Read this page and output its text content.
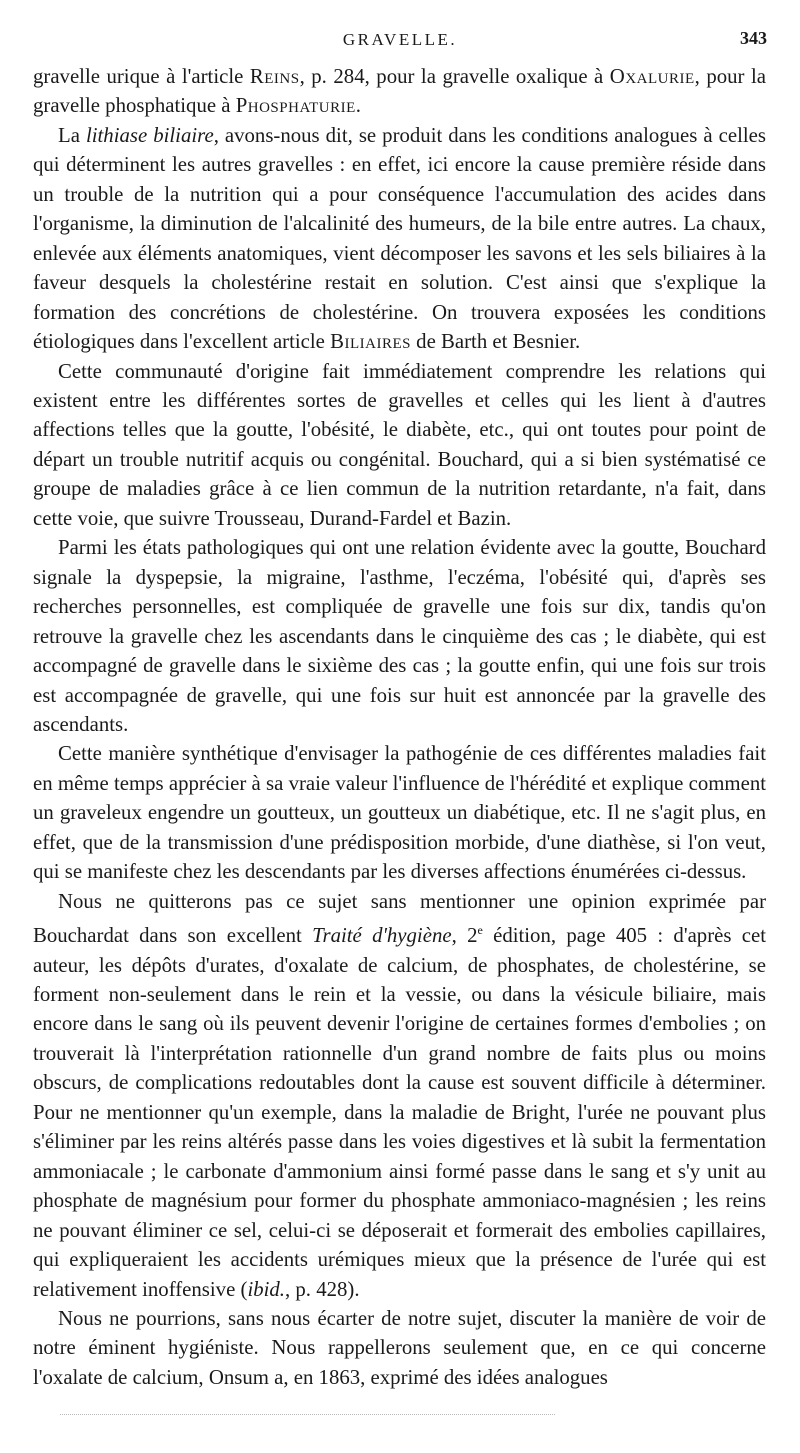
GRAVELLE.	343

gravelle urique à l'article Reins, p. 284, pour la gravelle oxalique à Oxalurie, pour la gravelle phosphatique à Phosphaturie.

La lithiase biliaire, avons-nous dit, se produit dans les conditions analogues à celles qui déterminent les autres gravelles : en effet, ici encore la cause première réside dans un trouble de la nutrition qui a pour conséquence l'accumulation des acides dans l'organisme, la diminution de l'alcalinité des humeurs, de la bile entre autres. La chaux, enlevée aux éléments anatomiques, vient décomposer les savons et les sels biliaires à la faveur desquels la cholestérine restait en solution. C'est ainsi que s'explique la formation des concrétions de cholestérine. On trouvera exposées les conditions étiologiques dans l'excellent article Biliaires de Barth et Besnier.

Cette communauté d'origine fait immédiatement comprendre les relations qui existent entre les différentes sortes de gravelles et celles qui les lient à d'autres affections telles que la goutte, l'obésité, le diabète, etc., qui ont toutes pour point de départ un trouble nutritif acquis ou congénital. Bouchard, qui a si bien systématisé ce groupe de maladies grâce à ce lien commun de la nutrition retardante, n'a fait, dans cette voie, que suivre Trousseau, Durand-Fardel et Bazin.

Parmi les états pathologiques qui ont une relation évidente avec la goutte, Bouchard signale la dyspepsie, la migraine, l'asthme, l'eczéma, l'obésité qui, d'après ses recherches personnelles, est compliquée de gravelle une fois sur dix, tandis qu'on retrouve la gravelle chez les ascendants dans le cinquième des cas ; le diabète, qui est accompagné de gravelle dans le sixième des cas ; la goutte enfin, qui une fois sur trois est accompagnée de gravelle, qui une fois sur huit est annoncée par la gravelle des ascendants.

Cette manière synthétique d'envisager la pathogénie de ces différentes maladies fait en même temps apprécier à sa vraie valeur l'influence de l'hérédité et explique comment un graveleux engendre un goutteux, un goutteux un diabétique, etc. Il ne s'agit plus, en effet, que de la transmission d'une prédisposition morbide, d'une diathèse, si l'on veut, qui se manifeste chez les descendants par les diverses affections énumérées ci-dessus.

Nous ne quitterons pas ce sujet sans mentionner une opinion exprimée par Bouchardat dans son excellent Traité d'hygiène, 2e édition, page 405 : d'après cet auteur, les dépôts d'urates, d'oxalate de calcium, de phosphates, de cholestérine, se forment non-seulement dans le rein et la vessie, ou dans la vésicule biliaire, mais encore dans le sang où ils peuvent devenir l'origine de certaines formes d'embolies ; on trouverait là l'interprétation rationnelle d'un grand nombre de faits plus ou moins obscurs, de complications redoutables dont la cause est souvent difficile à déterminer. Pour ne mentionner qu'un exemple, dans la maladie de Bright, l'urée ne pouvant plus s'éliminer par les reins altérés passe dans les voies digestives et là subit la fermentation ammoniacale ; le carbonate d'ammonium ainsi formé passe dans le sang et s'y unit au phosphate de magnésium pour former du phosphate ammoniaco-magnésien ; les reins ne pouvant éliminer ce sel, celui-ci se déposerait et formerait des embolies capillaires, qui expliqueraient les accidents urémiques mieux que la présence de l'urée qui est relativement inoffensive (ibid., p. 428).

Nous ne pourrions, sans nous écarter de notre sujet, discuter la manière de voir de notre éminent hygiéniste. Nous rappellerons seulement que, en ce qui concerne l'oxalate de calcium, Onsum a, en 1863, exprimé des idées analogues
